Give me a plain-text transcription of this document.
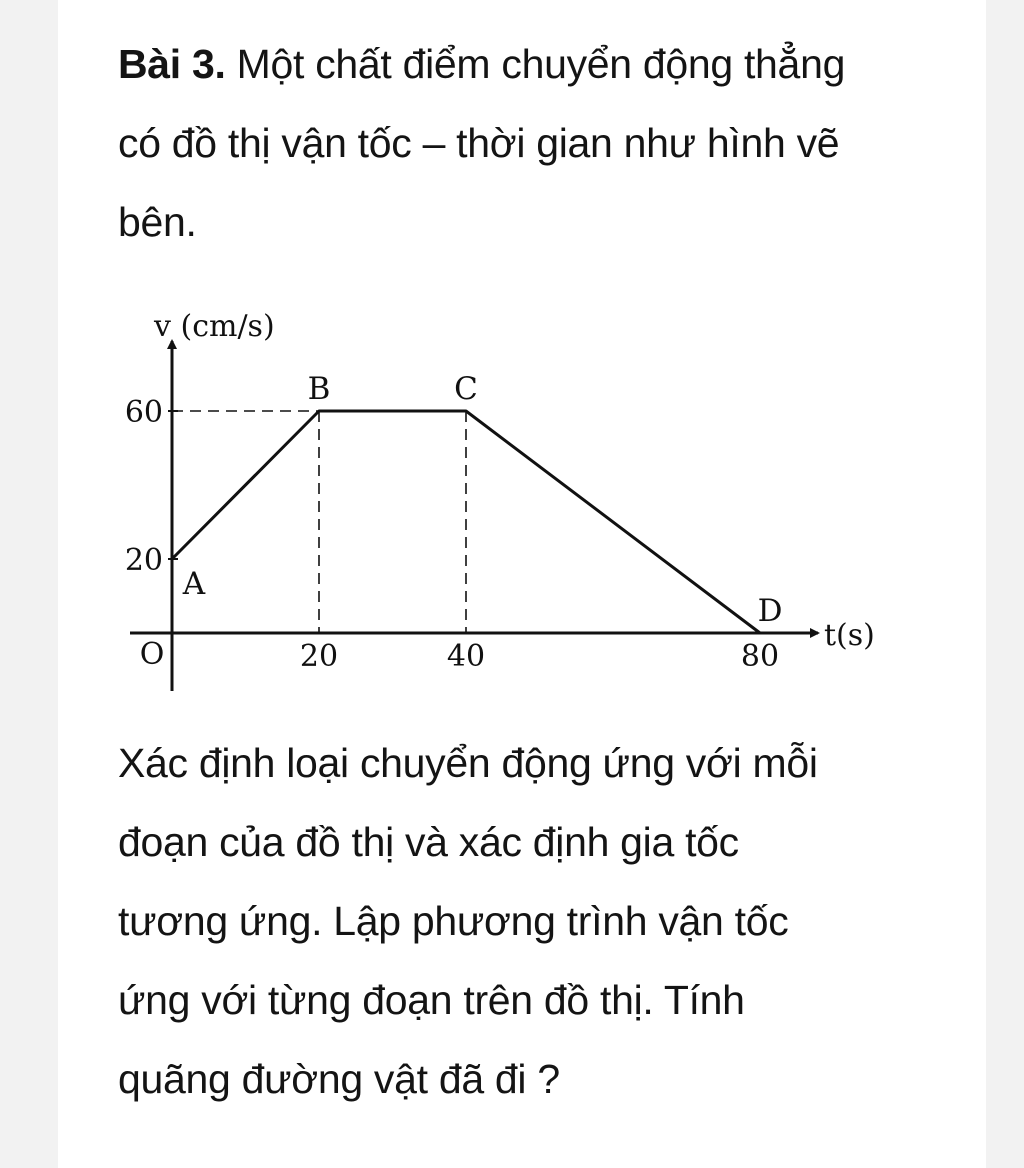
Bài 3. Một chất điểm chuyển động thẳng
có đồ thị vận tốc – thời gian như hình vẽ
bên.

20	40	80
20
60
O
A
B	C
D
v (cm/s)
t(s)

Xác định loại chuyển động ứng với mỗi
đoạn của đồ thị và xác định gia tốc
tương ứng. Lập phương trình vận tốc
ứng với từng đoạn trên đồ thị. Tính
quãng đường vật đã đi ?
